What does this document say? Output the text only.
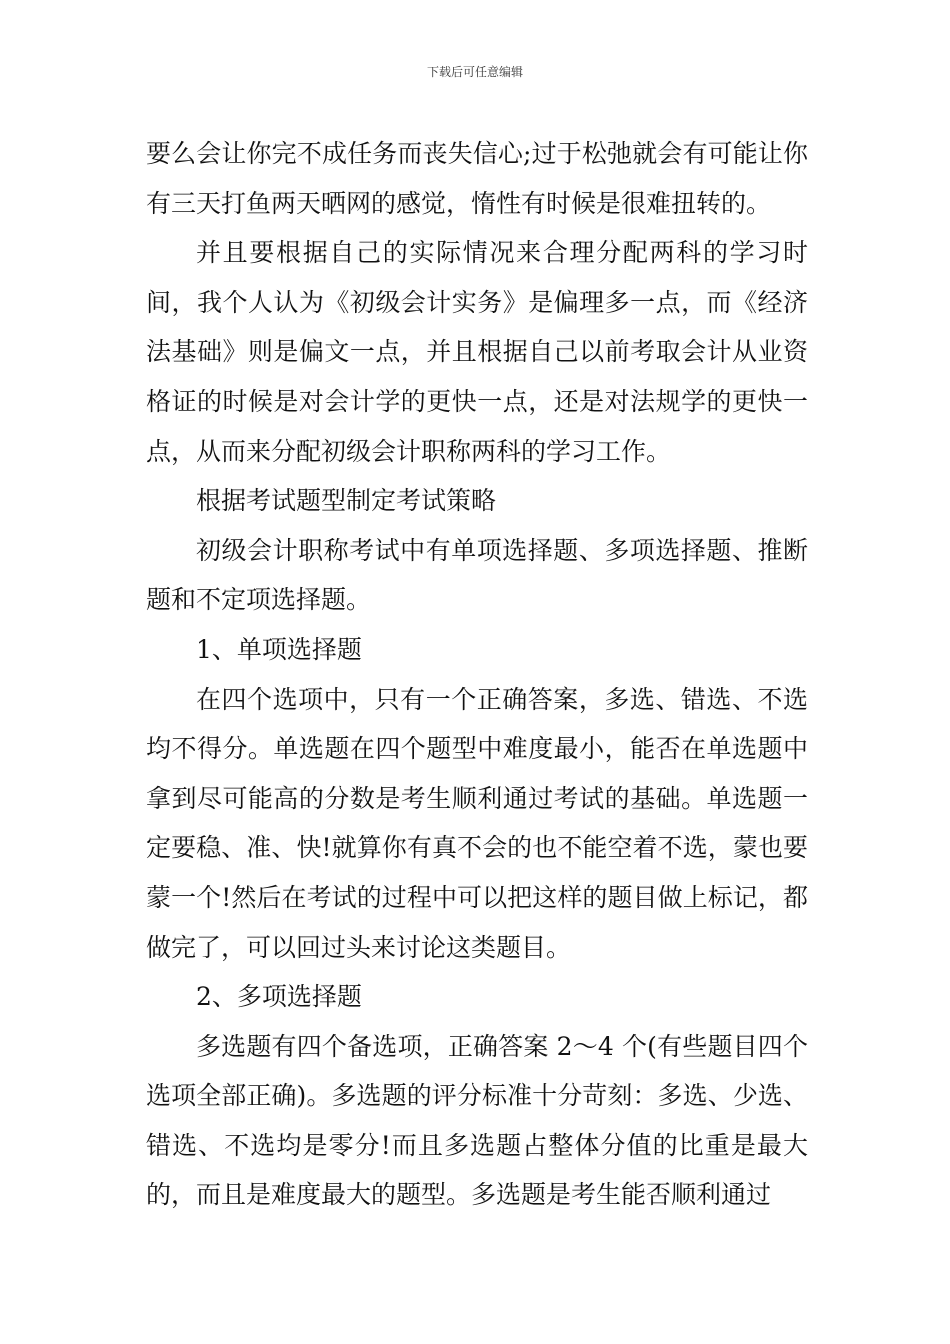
下载后可任意编辑

要么会让你完不成任务而丧失信心;过于松弛就会有可能让你有三天打鱼两天晒网的感觉，惰性有时候是很难扭转的。

并且要根据自己的实际情况来合理分配两科的学习时间，我个人认为《初级会计实务》是偏理多一点，而《经济法基础》则是偏文一点，并且根据自己以前考取会计从业资格证的时候是对会计学的更快一点，还是对法规学的更快一点，从而来分配初级会计职称两科的学习工作。

根据考试题型制定考试策略

初级会计职称考试中有单项选择题、多项选择题、推断题和不定项选择题。

1、单项选择题

在四个选项中，只有一个正确答案，多选、错选、不选均不得分。单选题在四个题型中难度最小，能否在单选题中拿到尽可能高的分数是考生顺利通过考试的基础。单选题一定要稳、准、快!就算你有真不会的也不能空着不选，蒙也要蒙一个!然后在考试的过程中可以把这样的题目做上标记，都做完了，可以回过头来讨论这类题目。

2、多项选择题

多选题有四个备选项，正确答案 2～4 个(有些题目四个选项全部正确)。多选题的评分标准十分苛刻：多选、少选、错选、不选均是零分!而且多选题占整体分值的比重是最大的，而且是难度最大的题型。多选题是考生能否顺利通过
